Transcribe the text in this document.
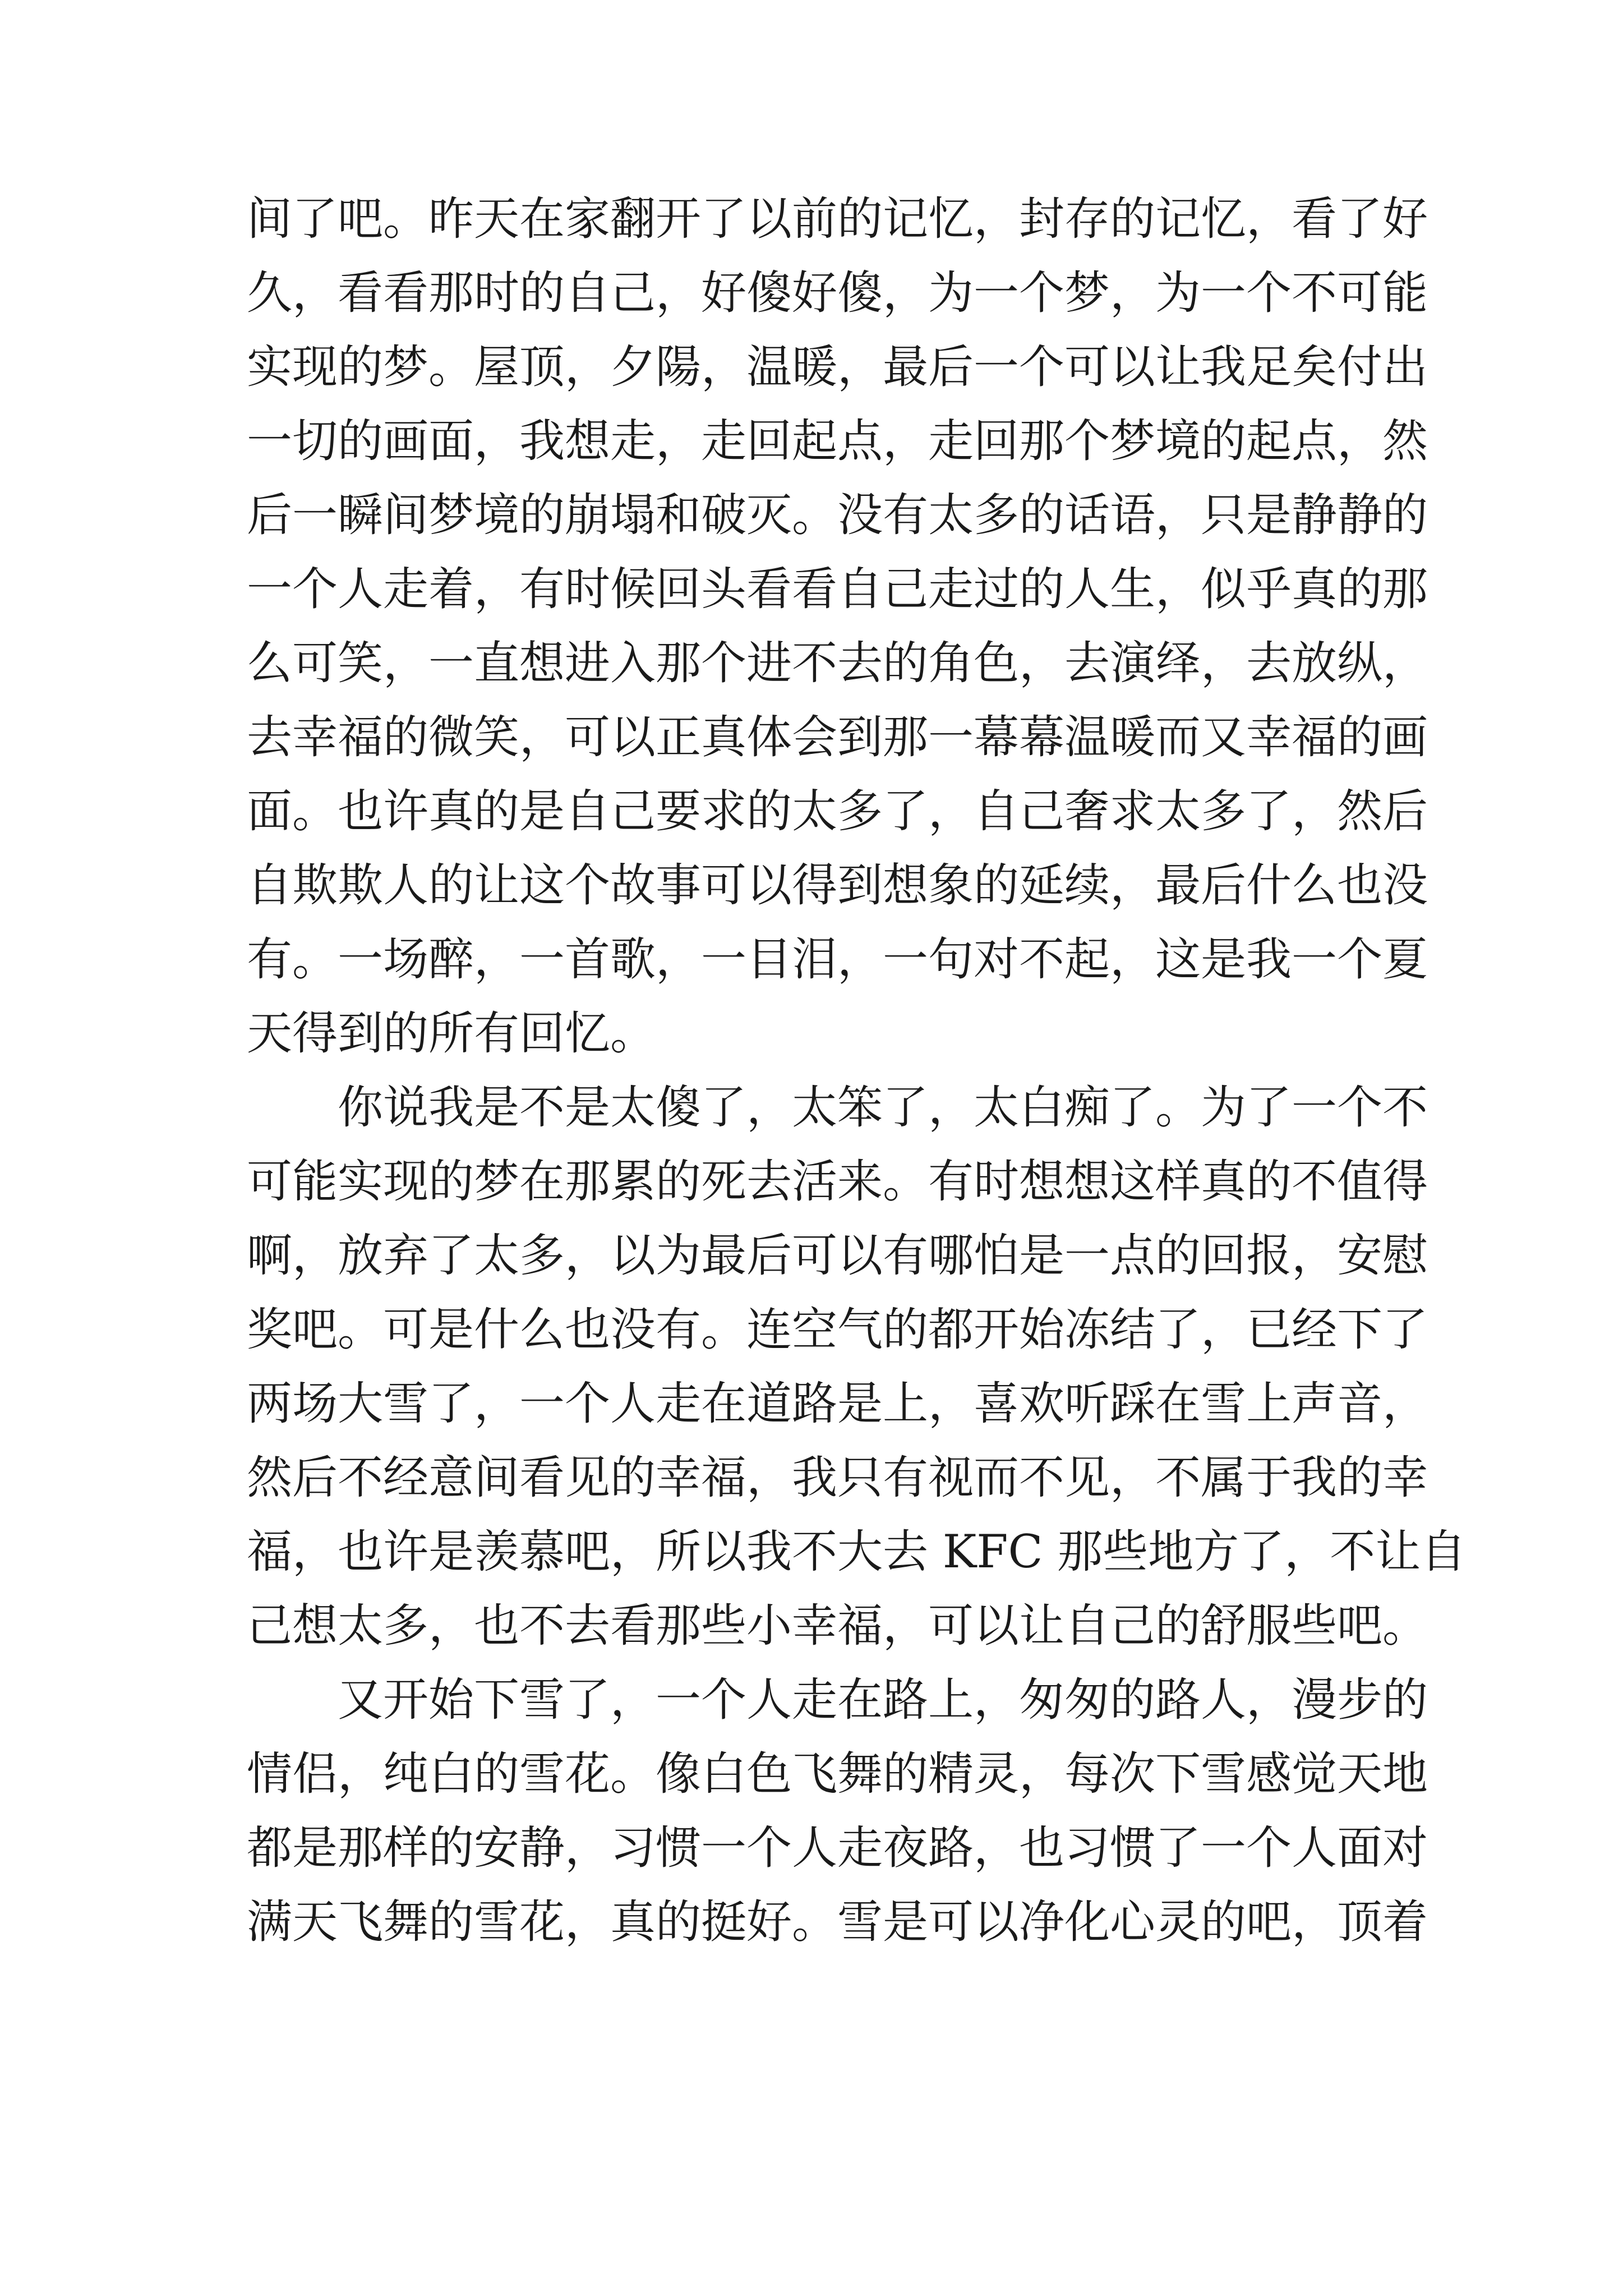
间了吧。昨天在家翻开了以前的记忆，封存的记忆，看了好
久，看看那时的自己，好傻好傻，为一个梦，为一个不可能
实现的梦。屋顶，夕陽，温暖，最后一个可以让我足矣付出
一切的画面，我想走，走回起点，走回那个梦境的起点，然
后一瞬间梦境的崩塌和破灭。没有太多的话语，只是静静的
一个人走着，有时候回头看看自己走过的人生，似乎真的那
么可笑，一直想进入那个进不去的角色，去演绎，去放纵，
去幸福的微笑，可以正真体会到那一幕幕温暖而又幸福的画
面。也许真的是自己要求的太多了，自己奢求太多了，然后
自欺欺人的让这个故事可以得到想象的延续，最后什么也没
有。一场醉，一首歌，一目泪，一句对不起，这是我一个夏
天得到的所有回忆。
你说我是不是太傻了，太笨了，太白痴了。为了一个不
可能实现的梦在那累的死去活来。有时想想这样真的不值得
啊，放弃了太多，以为最后可以有哪怕是一点的回报，安慰
奖吧。可是什么也没有。连空气的都开始冻结了，已经下了
两场大雪了，一个人走在道路是上，喜欢听踩在雪上声音，
然后不经意间看见的幸福，我只有视而不见，不属于我的幸
福，也许是羡慕吧，所以我不大去 KFC 那些地方了，不让自
己想太多，也不去看那些小幸福，可以让自己的舒服些吧。
又开始下雪了，一个人走在路上，匆匆的路人，漫步的
情侣，纯白的雪花。像白色飞舞的精灵，每次下雪感觉天地
都是那样的安静，习惯一个人走夜路，也习惯了一个人面对
满天飞舞的雪花，真的挺好。雪是可以净化心灵的吧，顶着
